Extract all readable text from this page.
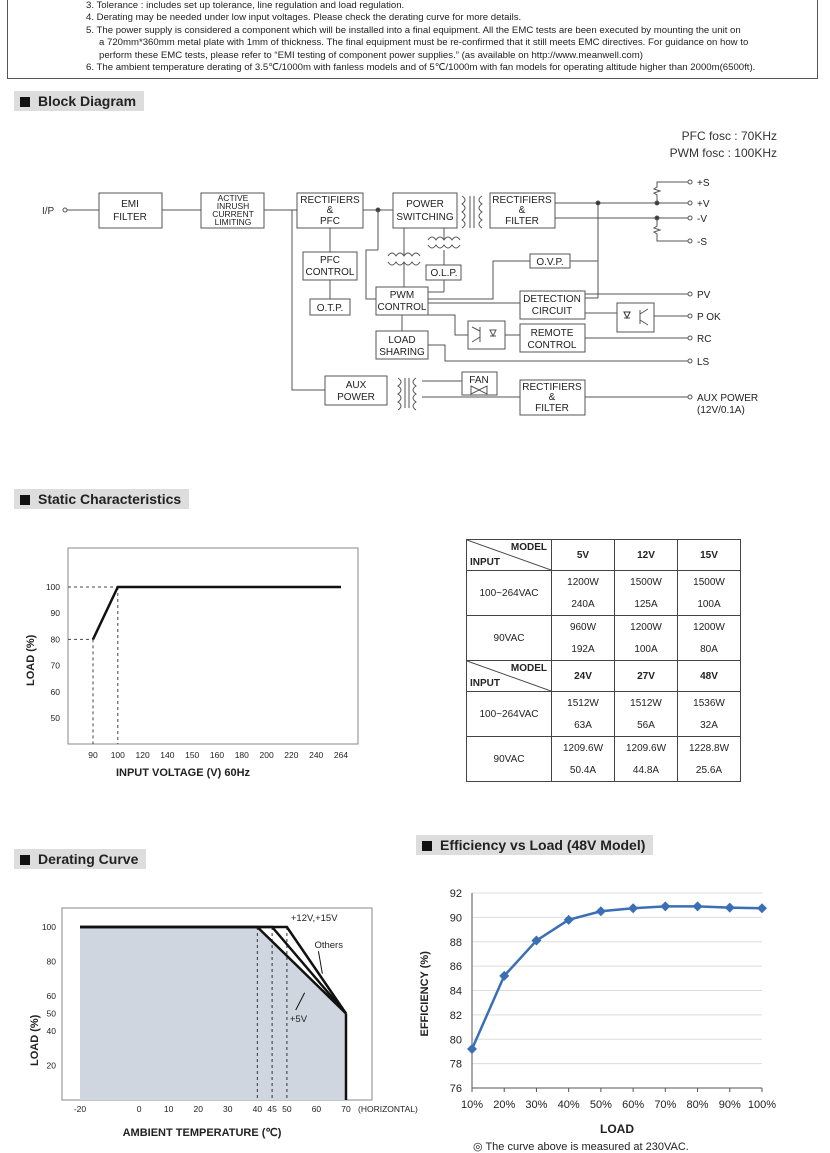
3. Tolerance : includes set up tolerance, line regulation and load regulation.

4. Derating may be needed under low input voltages. Please check the derating curve for more details.

5. The power supply is considered a component which will be installed into a final equipment. All the EMC tests are been executed by mounting the unit on

a 720mm*360mm metal plate with 1mm of thickness. The final equipment must be re-confirmed that it still meets EMC directives. For guidance on how to

perform these EMC tests, please refer to “EMI testing of component power supplies.” (as available on http://www.meanwell.com)

6. The ambient temperature derating of 3.5℃/1000m with fanless models and of 5℃/1000m with fan models for operating altitude higher than 2000m(6500ft).

Block Diagram
PFC fosc : 70KHz
PWM fosc : 100KHz
I/P
EMI
FILTER
ACTIVE
INRUSH
CURRENT
LIMITING
RECTIFIERS
&
PFC
POWER
SWITCHING
RECTIFIERS
&
FILTER
+S
+V
-V
-S
PFC
CONTROL
O.T.P.
O.L.P.
PWM
CONTROL
O.V.P.
DETECTION
CIRCUIT
PV
P OK
REMOTE
CONTROL
RC
LOAD
SHARING
LS
AUX
POWER
FAN
RECTIFIERS
&
FILTER
AUX POWER
(12V/0.1A)
Static Characteristics
90 100 120 140 150 160 180 200 220 240 264
50
60
70
80
90
100
INPUT VOLTAGE (V) 60Hz
LOAD (%)
MODEL
INPUT	5V	12V	15V
100~264VAC	1200W	1500W	1500W
	240A	125A	100A
90VAC	960W	1200W	1200W
	192A	100A	80A

MODEL
INPUT	24V	27V	48V
100~264VAC	1512W	1512W	1536W
	63A	56A	32A
90VAC	1209.6W	1209.6W	1228.8W
	50.4A	44.8A	25.6A
Derating Curve
-20	0	10 20 30 40 45 50 60 70 (HORIZONTAL)
20
40
50
60
80
100
+12V,+15V
Others
+5V
AMBIENT TEMPERATURE (℃)
LOAD (%)
Efficiency vs Load (48V Model)
76
78
80
82
84
86
88
90
92
10% 20% 30% 40% 50% 60% 70% 80% 90% 100%
LOAD
EFFICIENCY (%)
◎ The curve above is measured at 230VAC.
